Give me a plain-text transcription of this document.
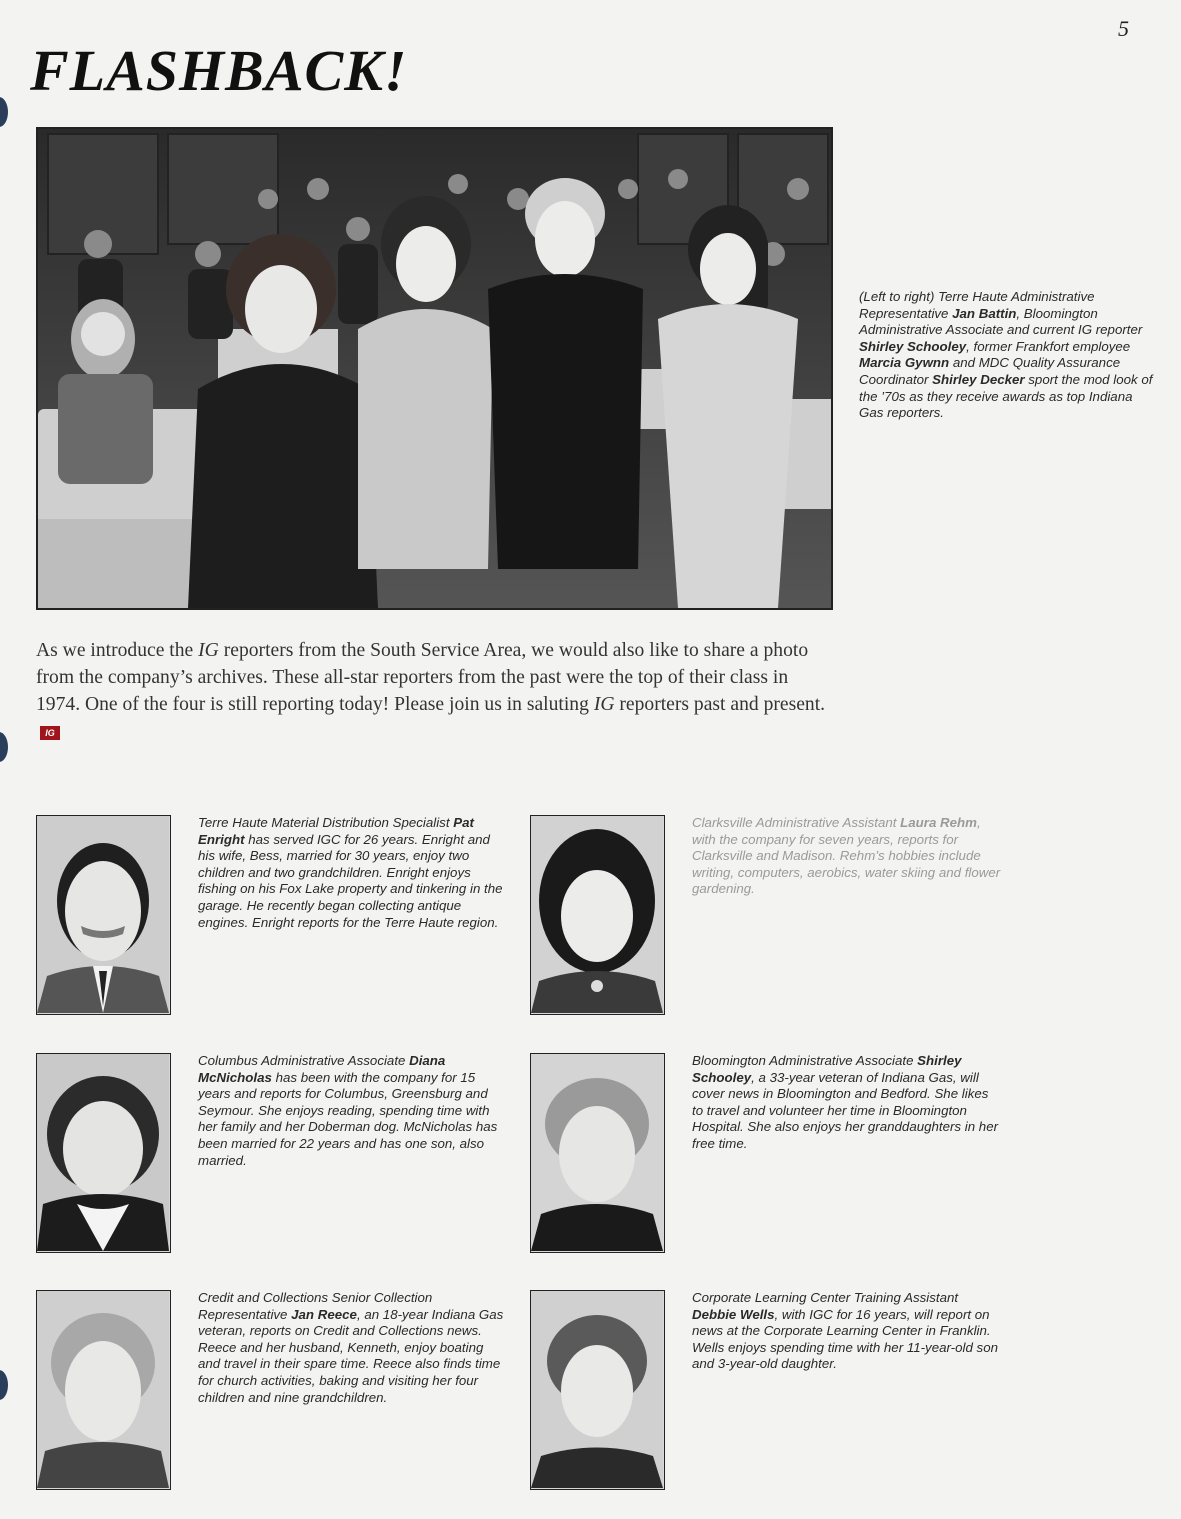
5
FLASHBACK!

(Left to right) Terre Haute Administrative Representative Jan Battin, Bloomington Administrative Associate and current IG reporter Shirley Schooley, former Frankfort employee Marcia Gywnn and MDC Quality Assurance Coordinator Shirley Decker sport the mod look of the ’70s as they receive awards as top Indiana Gas reporters.

As we introduce the IG reporters from the South Service Area, we would also like to share a photo from the company’s archives. These all-star reporters from the past were the top of their class in 1974. One of the four is still reporting today! Please join us in saluting IG reporters past and present.IG

Terre Haute Material Distribution Specialist Pat Enright has served IGC for 26 years. Enright and his wife, Bess, married for 30 years, enjoy two children and two grandchildren. Enright enjoys fishing on his Fox Lake property and tinkering in the garage. He recently began collecting antique engines. Enright reports for the Terre Haute region.

Clarksville Administrative Assistant Laura Rehm, with the company for seven years, reports for Clarksville and Madison. Rehm’s hobbies include writing, computers, aerobics, water skiing and flower gardening.

Columbus Administrative Associate Diana McNicholas has been with the company for 15 years and reports for Columbus, Greensburg and Seymour. She enjoys reading, spending time with her family and her Doberman dog. McNicholas has been married for 22 years and has one son, also married.

Bloomington Administrative Associate Shirley Schooley, a 33-year veteran of Indiana Gas, will cover news in Bloomington and Bedford. She likes to travel and volunteer her time in Bloomington Hospital. She also enjoys her granddaughters in her free time.

Credit and Collections Senior Collection Representative Jan Reece, an 18-year Indiana Gas veteran, reports on Credit and Collections news. Reece and her husband, Kenneth, enjoy boating and travel in their spare time. Reece also finds time for church activities, baking and visiting her four children and nine grandchildren.

Corporate Learning Center Training Assistant Debbie Wells, with IGC for 16 years, will report on news at the Corporate Learning Center in Franklin. Wells enjoys spending time with her 11-year-old son and 3-year-old daughter.
